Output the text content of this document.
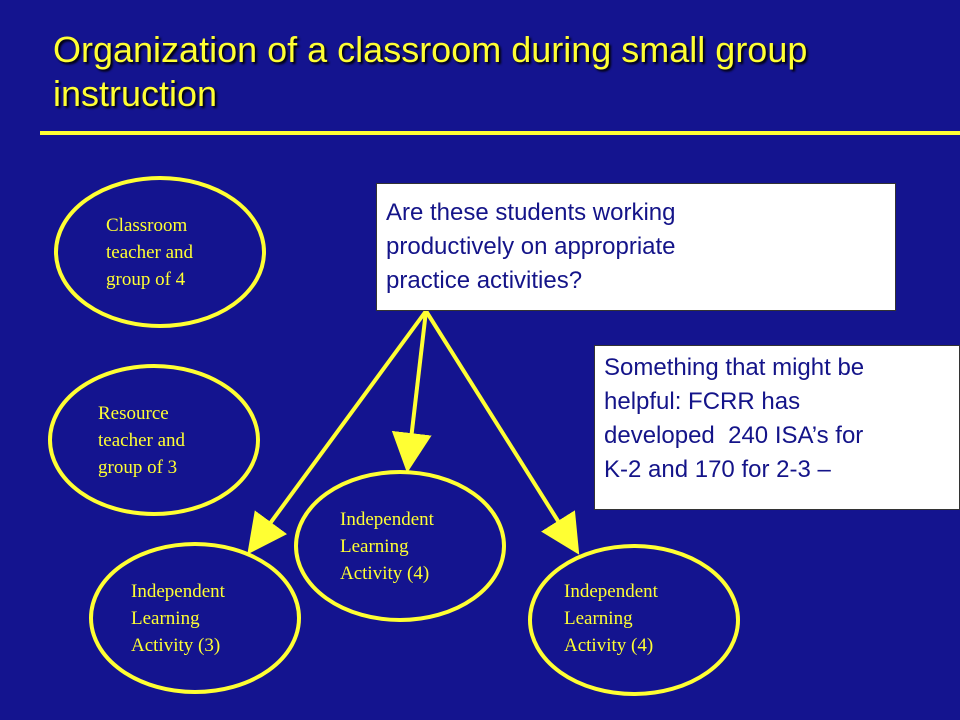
Organization of a classroom during small group
instruction
Classroom
teacher and
group of 4
Resource
teacher and
group of 3
Independent
Learning
Activity (3)
Independent
Learning
Activity (4)
Independent
Learning
Activity (4)
Are these students working
productively on appropriate
practice activities?
Something that might be
helpful: FCRR has
developed  240 ISA’s for
K-2 and 170 for 2-3 –
